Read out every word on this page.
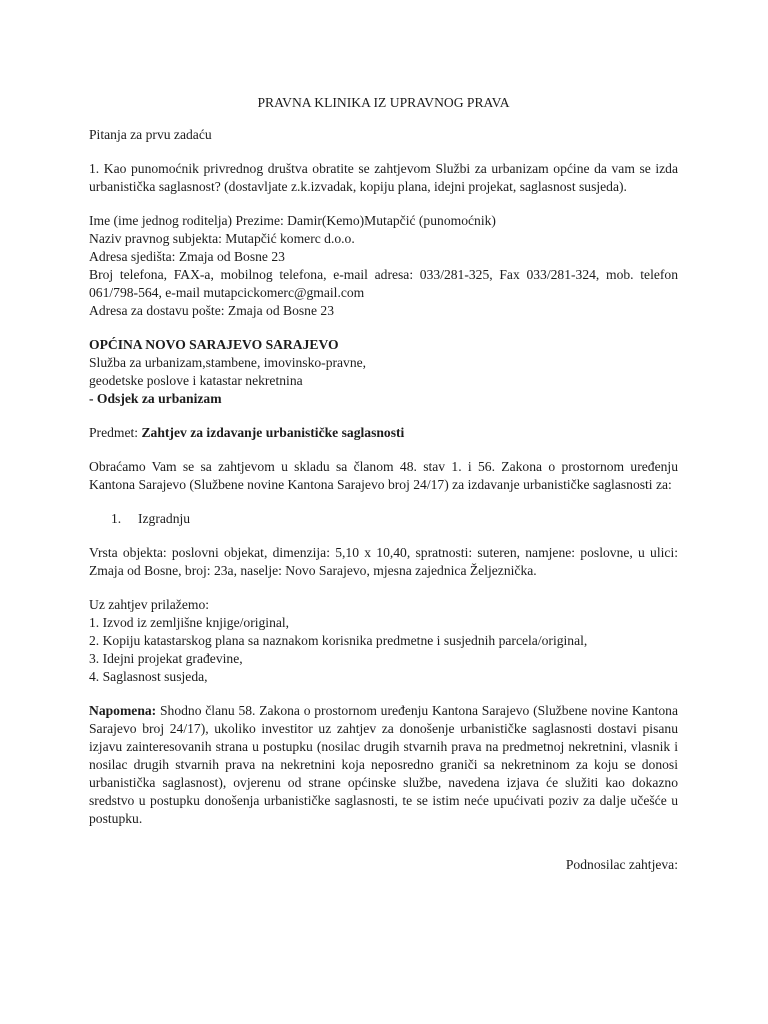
PRAVNA KLINIKA IZ UPRAVNOG PRAVA

Pitanja za prvu zadaću

1. Kao punomoćnik privrednog društva obratite se zahtjevom Službi za urbanizam općine da vam se izda urbanistička saglasnost? (dostavljate z.k.izvadak, kopiju plana, idejni projekat, saglasnost susjeda).

Ime (ime jednog roditelja) Prezime: Damir(Kemo)Mutapčić (punomoćnik)
Naziv pravnog subjekta: Mutapčić komerc d.o.o.
Adresa sjedišta: Zmaja od Bosne 23
Broj telefona, FAX-a, mobilnog telefona, e-mail adresa: 033/281-325, Fax 033/281-324, mob. telefon 061/798-564, e-mail mutapcickomerc@gmail.com
Adresa za dostavu pošte: Zmaja od Bosne 23
OPĆINA NOVO SARAJEVO SARAJEVO
Služba za urbanizam,stambene, imovinsko-pravne,
geodetske poslove i katastar nekretnina
- Odsjek za urbanizam

Predmet: Zahtjev za izdavanje urbanističke saglasnosti

Obraćamo Vam se sa zahtjevom u skladu sa članom 48. stav 1. i 56. Zakona o prostornom uređenju Kantona Sarajevo (Službene novine Kantona Sarajevo broj 24/17) za izdavanje urbanističke saglasnosti za:

1. Izgradnju

Vrsta objekta: poslovni objekat, dimenzija: 5,10 x 10,40, spratnosti: suteren, namjene: poslovne, u ulici: Zmaja od Bosne, broj: 23a, naselje: Novo Sarajevo, mjesna zajednica Željeznička.

Uz zahtjev prilažemo:
1. Izvod iz zemljišne knjige/original,
2. Kopiju katastarskog plana sa naznakom korisnika predmetne i susjednih parcela/original,
3. Idejni projekat građevine,
4. Saglasnost susjeda,

Napomena: Shodno članu 58. Zakona o prostornom uređenju Kantona Sarajevo (Službene novine Kantona Sarajevo broj 24/17), ukoliko investitor uz zahtjev za donošenje urbanističke saglasnosti dostavi pisanu izjavu zainteresovanih strana u postupku (nosilac drugih stvarnih prava na predmetnoj nekretnini, vlasnik i nosilac drugih stvarnih prava na nekretnini koja neposredno graniči sa nekretninom za koju se donosi urbanistička saglasnost), ovjerenu od strane općinske službe, navedena izjava će služiti kao dokazno sredstvo u postupku donošenja urbanističke saglasnosti, te se istim neće upućivati poziv za dalje učešće u postupku.

Podnosilac zahtjeva:
